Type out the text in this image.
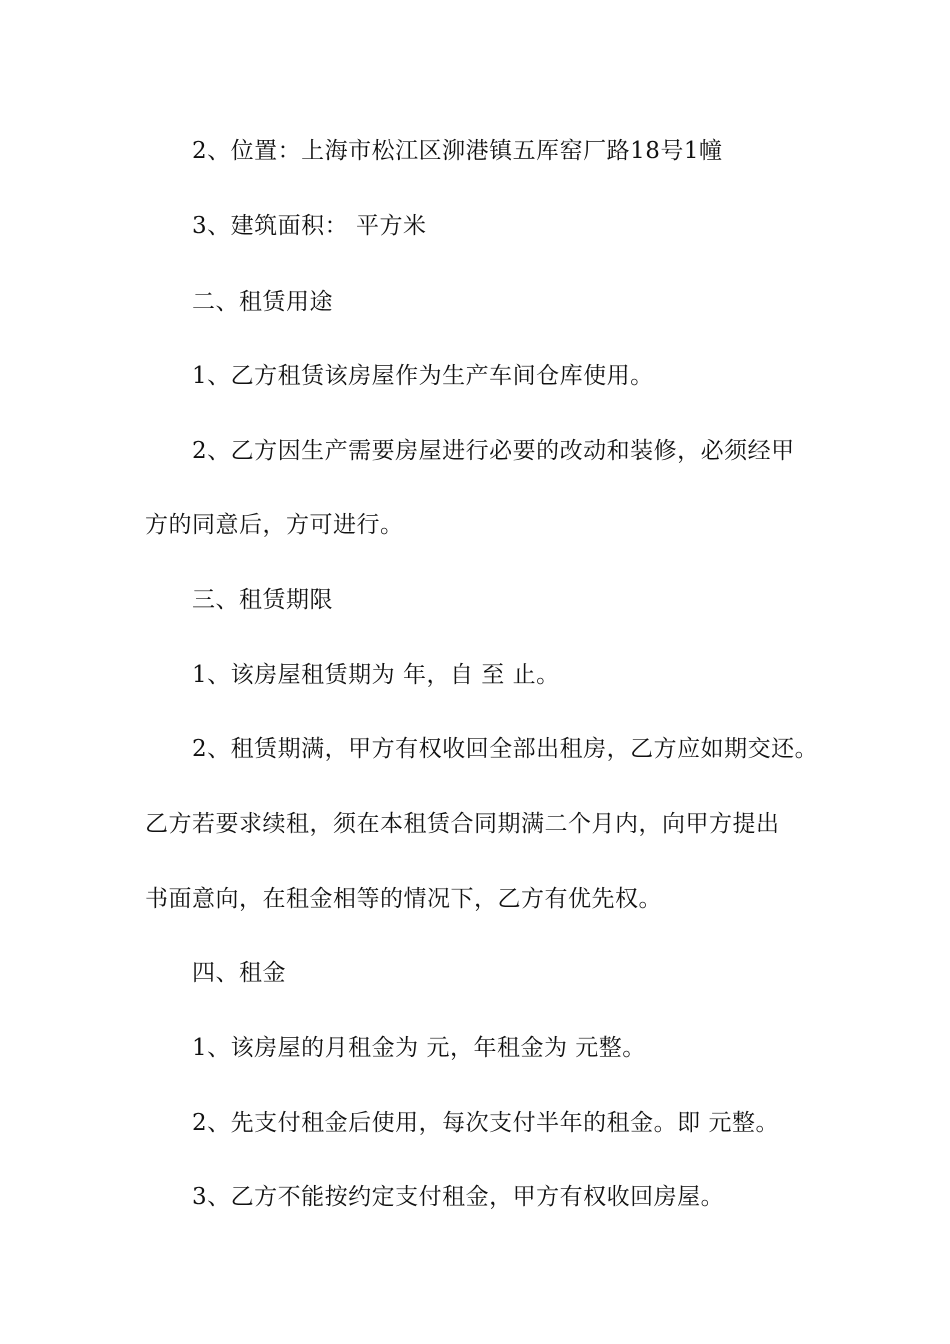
2、位置：上海市松江区泖港镇五厍窑厂路18号1幢
3、建筑面积： 平方米
二、租赁用途
1、乙方租赁该房屋作为生产车间仓库使用。
2、乙方因生产需要房屋进行必要的改动和装修，必须经甲
方的同意后，方可进行。
三、租赁期限
1、该房屋租赁期为 年，自 至 止。
2、租赁期满，甲方有权收回全部出租房，乙方应如期交还。
乙方若要求续租，须在本租赁合同期满二个月内，向甲方提出
书面意向，在租金相等的情况下，乙方有优先权。
四、租金
1、该房屋的月租金为 元，年租金为 元整。
2、先支付租金后使用，每次支付半年的租金。即 元整。
3、乙方不能按约定支付租金，甲方有权收回房屋。
